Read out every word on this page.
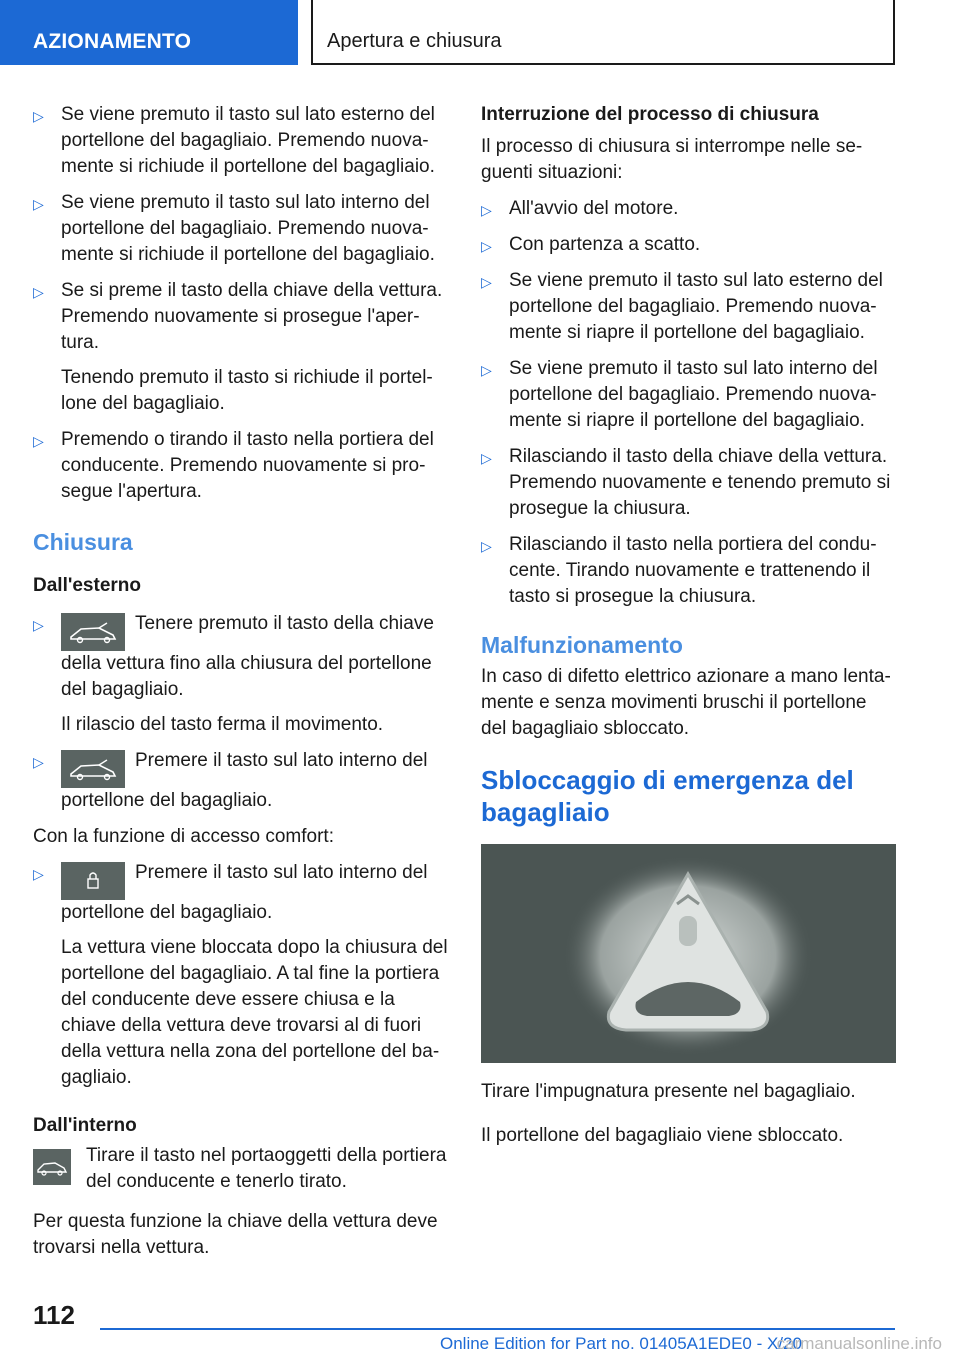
AZIONAMENTO	Apertura e chiusura
▷ Se viene premuto il tasto sul lato esterno del portellone del bagagliaio. Premendo nuovamente si richiude il portellone del bagagliaio.

▷ Se viene premuto il tasto sul lato interno del portellone del bagagliaio. Premendo nuovamente si richiude il portellone del bagagliaio.

▷ Se si preme il tasto della chiave della vettura. Premendo nuovamente si prosegue l'apertura.

Tenendo premuto il tasto si richiude il portellone del bagagliaio.

▷ Premendo o tirando il tasto nella portiera del conducente. Premendo nuovamente si prosegue l'apertura.

Chiusura
Dall'esterno
▷	Tenere premuto il tasto della chiave della vettura fino alla chiusura del portellone del bagagliaio.

Il rilascio del tasto ferma il movimento.

▷	Premere il tasto sul lato interno del portellone del bagagliaio.

Con la funzione di accesso comfort:

▷	Premere il tasto sul lato interno del portellone del bagagliaio.

La vettura viene bloccata dopo la chiusura del portellone del bagagliaio. A tal fine la portiera del conducente deve essere chiusa e la chiave della vettura deve trovarsi al di fuori della vettura nella zona del portellone del bagagliaio.

Dall'interno

Tirare il tasto nel portaoggetti della portiera del conducente e tenerlo tirato.

Per questa funzione la chiave della vettura deve trovarsi nella vettura.

Interruzione del processo di chiusura

Il processo di chiusura si interrompe nelle seguenti situazioni:

▷ All'avvio del motore.

▷ Con partenza a scatto.

▷ Se viene premuto il tasto sul lato esterno del portellone del bagagliaio. Premendo nuovamente si riapre il portellone del bagagliaio.

▷ Se viene premuto il tasto sul lato interno del portellone del bagagliaio. Premendo nuovamente si riapre il portellone del bagagliaio.

▷ Rilasciando il tasto della chiave della vettura. Premendo nuovamente e tenendo premuto si prosegue la chiusura.

▷ Rilasciando il tasto nella portiera del conducente. Tirando nuovamente e trattenendo il tasto si prosegue la chiusura.

Malfunzionamento

In caso di difetto elettrico azionare a mano lentamente e senza movimenti bruschi il portellone del bagagliaio sbloccato.

Sbloccaggio di emergenza del bagagliaio

Tirare l'impugnatura presente nel bagagliaio.

Il portellone del bagagliaio viene sbloccato.

112
Online Edition for Part no. 01405A1EDE0 - X/20
carmanualsonline.info
